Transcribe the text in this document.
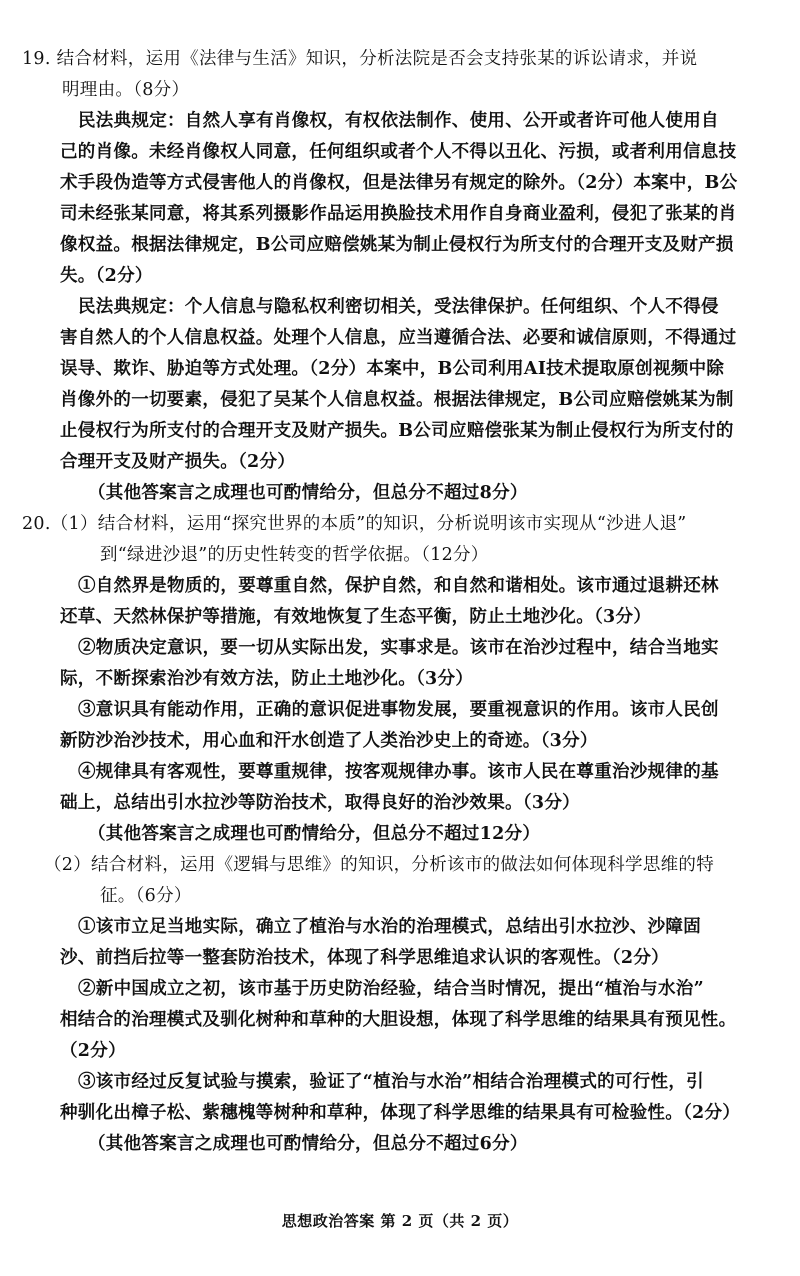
19. 结合材料，运用《法律与生活》知识，分析法院是否会支持张某的诉讼请求，并说
明理由。（8分）
民法典规定：自然人享有肖像权，有权依法制作、使用、公开或者许可他人使用自
己的肖像。未经肖像权人同意，任何组织或者个人不得以丑化、污损，或者利用信息技
术手段伪造等方式侵害他人的肖像权，但是法律另有规定的除外。（2分）本案中，B公
司未经张某同意，将其系列摄影作品运用换脸技术用作自身商业盈利，侵犯了张某的肖
像权益。根据法律规定，B公司应赔偿姚某为制止侵权行为所支付的合理开支及财产损
失。（2分）
民法典规定：个人信息与隐私权利密切相关，受法律保护。任何组织、个人不得侵
害自然人的个人信息权益。处理个人信息，应当遵循合法、必要和诚信原则，不得通过
误导、欺诈、胁迫等方式处理。（2分）本案中，B公司利用AI技术提取原创视频中除
肖像外的一切要素，侵犯了吴某个人信息权益。根据法律规定，B公司应赔偿姚某为制
止侵权行为所支付的合理开支及财产损失。B公司应赔偿张某为制止侵权行为所支付的
合理开支及财产损失。（2分）
（其他答案言之成理也可酌情给分，但总分不超过8分）
20.（1）结合材料，运用“探究世界的本质”的知识，分析说明该市实现从“沙进人退”
到“绿进沙退”的历史性转变的哲学依据。（12分）
①自然界是物质的，要尊重自然，保护自然，和自然和谐相处。该市通过退耕还林
还草、天然林保护等措施，有效地恢复了生态平衡，防止土地沙化。（3分）
②物质决定意识，要一切从实际出发，实事求是。该市在治沙过程中，结合当地实
际，不断探索治沙有效方法，防止土地沙化。（3分）
③意识具有能动作用，正确的意识促进事物发展，要重视意识的作用。该市人民创
新防沙治沙技术，用心血和汗水创造了人类治沙史上的奇迹。（3分）
④规律具有客观性，要尊重规律，按客观规律办事。该市人民在尊重治沙规律的基
础上，总结出引水拉沙等防治技术，取得良好的治沙效果。（3分）
（其他答案言之成理也可酌情给分，但总分不超过12分）
（2）结合材料，运用《逻辑与思维》的知识，分析该市的做法如何体现科学思维的特
征。（6分）
①该市立足当地实际，确立了植治与水治的治理模式，总结出引水拉沙、沙障固
沙、前挡后拉等一整套防治技术，体现了科学思维追求认识的客观性。（2分）
②新中国成立之初，该市基于历史防治经验，结合当时情况，提出“植治与水治”
相结合的治理模式及驯化树种和草种的大胆设想，体现了科学思维的结果具有预见性。
（2分）
③该市经过反复试验与摸索，验证了“植治与水治”相结合治理模式的可行性，引
种驯化出樟子松、紫穗槐等树种和草种，体现了科学思维的结果具有可检验性。（2分）
（其他答案言之成理也可酌情给分，但总分不超过6分）
思想政治答案 第 2 页（共 2 页）
